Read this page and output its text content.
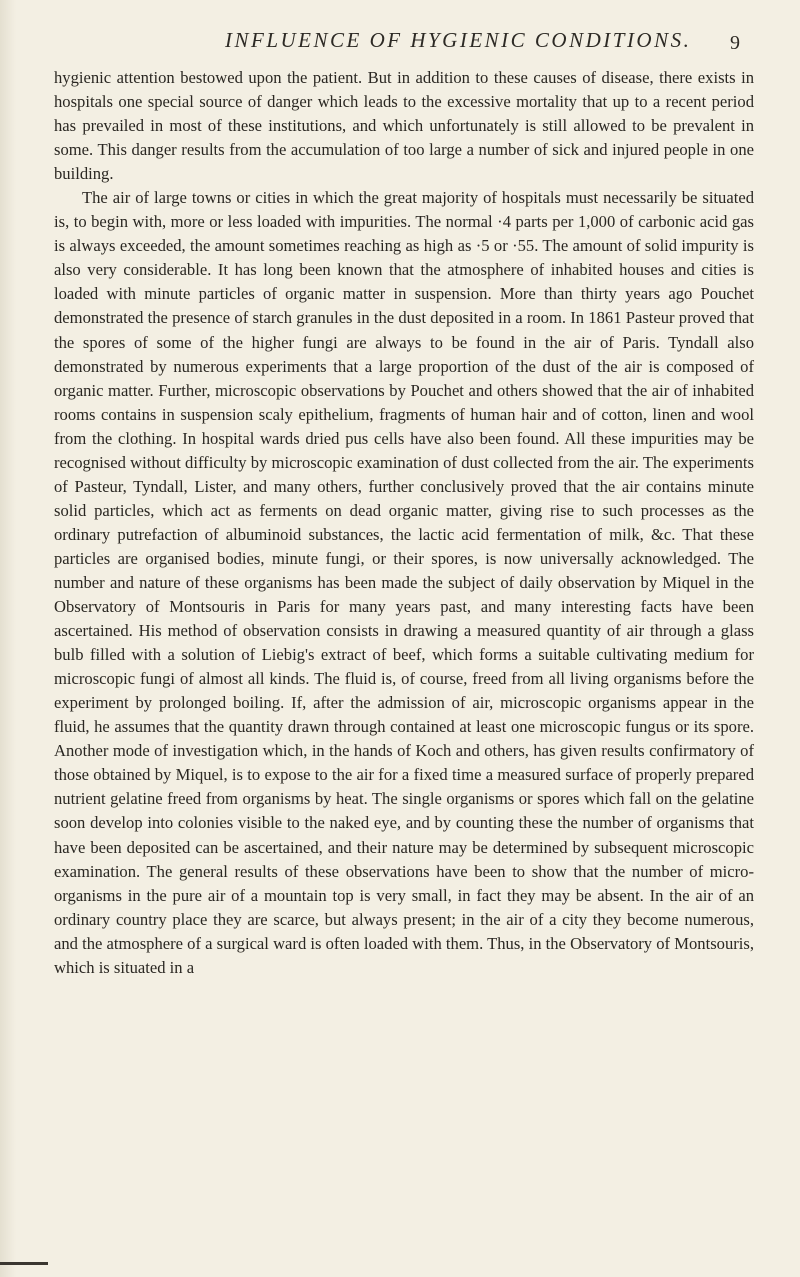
INFLUENCE OF HYGIENIC CONDITIONS. 9

hygienic attention bestowed upon the patient. But in addition to these causes of disease, there exists in hospitals one special source of danger which leads to the excessive mortality that up to a recent period has prevailed in most of these institutions, and which unfortunately is still allowed to be prevalent in some. This danger results from the accumulation of too large a number of sick and injured people in one building.

The air of large towns or cities in which the great majority of hospitals must necessarily be situated is, to begin with, more or less loaded with impurities. The normal ·4 parts per 1,000 of carbonic acid gas is always exceeded, the amount sometimes reaching as high as ·5 or ·55. The amount of solid impurity is also very considerable. It has long been known that the atmosphere of inhabited houses and cities is loaded with minute particles of organic matter in suspension. More than thirty years ago Pouchet demonstrated the presence of starch granules in the dust deposited in a room. In 1861 Pasteur proved that the spores of some of the higher fungi are always to be found in the air of Paris. Tyndall also demonstrated by numerous experiments that a large proportion of the dust of the air is composed of organic matter. Further, microscopic observations by Pouchet and others showed that the air of inhabited rooms contains in suspension scaly epithelium, fragments of human hair and of cotton, linen and wool from the clothing. In hospital wards dried pus cells have also been found. All these impurities may be recognised without difficulty by microscopic examination of dust collected from the air. The experiments of Pasteur, Tyndall, Lister, and many others, further conclusively proved that the air contains minute solid particles, which act as ferments on dead organic matter, giving rise to such processes as the ordinary putrefaction of albuminoid substances, the lactic acid fermentation of milk, &c. That these particles are organised bodies, minute fungi, or their spores, is now universally acknowledged. The number and nature of these organisms has been made the subject of daily observation by Miquel in the Observatory of Montsouris in Paris for many years past, and many interesting facts have been ascertained. His method of observation consists in drawing a measured quantity of air through a glass bulb filled with a solution of Liebig's extract of beef, which forms a suitable cultivating medium for microscopic fungi of almost all kinds. The fluid is, of course, freed from all living organisms before the experiment by prolonged boiling. If, after the admission of air, microscopic organisms appear in the fluid, he assumes that the quantity drawn through contained at least one microscopic fungus or its spore. Another mode of investigation which, in the hands of Koch and others, has given results confirmatory of those obtained by Miquel, is to expose to the air for a fixed time a measured surface of properly prepared nutrient gelatine freed from organisms by heat. The single organisms or spores which fall on the gelatine soon develop into colonies visible to the naked eye, and by counting these the number of organisms that have been deposited can be ascertained, and their nature may be determined by subsequent microscopic examination. The general results of these observations have been to show that the number of micro-organisms in the pure air of a mountain top is very small, in fact they may be absent. In the air of an ordinary country place they are scarce, but always present; in the air of a city they become numerous, and the atmosphere of a surgical ward is often loaded with them. Thus, in the Observatory of Montsouris, which is situated in a
